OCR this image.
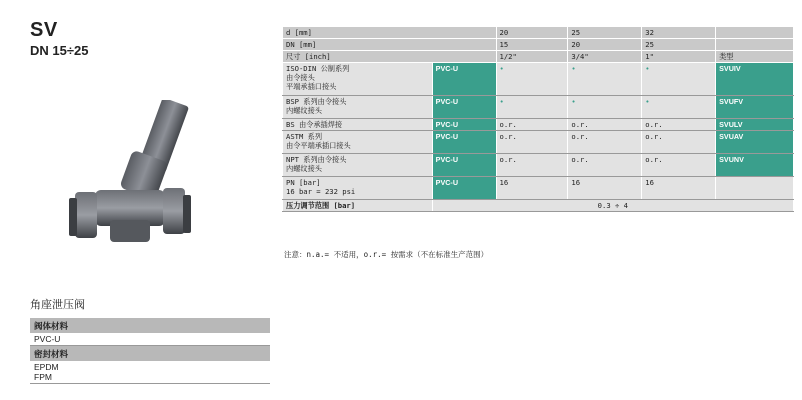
SV
DN 15÷25
角座泄压阀
阀体材料
PVC-U
密封材料
EPDM
FPM
d [mm]		20	25	32	
DN [mm]		15	20	25	
尺寸 [inch]		1/2"	3/4"	1"	类型

ISO-DIN 公制系列
由令接头
平端承插口接头	PVC-U	•	•	•	SVUIV

BSP 系列由令接头
内螺纹接头	PVC-U	•	•	•	SVUFV

BS 由令承插焊接	PVC-U	o.r.	o.r.	o.r.	SVULV

ASTM 系列
由令平端承插口接头	PVC-U	o.r.	o.r.	o.r.	SVUAV

NPT 系列由令接头
内螺纹接头	PVC-U	o.r.	o.r.	o.r.	SVUNV

PN [bar]
16 bar = 232 psi	PVC-U	16	16	16	
压力调节范围 [bar]	0.3 ÷ 4				
注意：n.a.= 不适用，o.r.= 按需求（不在标准生产范围）
